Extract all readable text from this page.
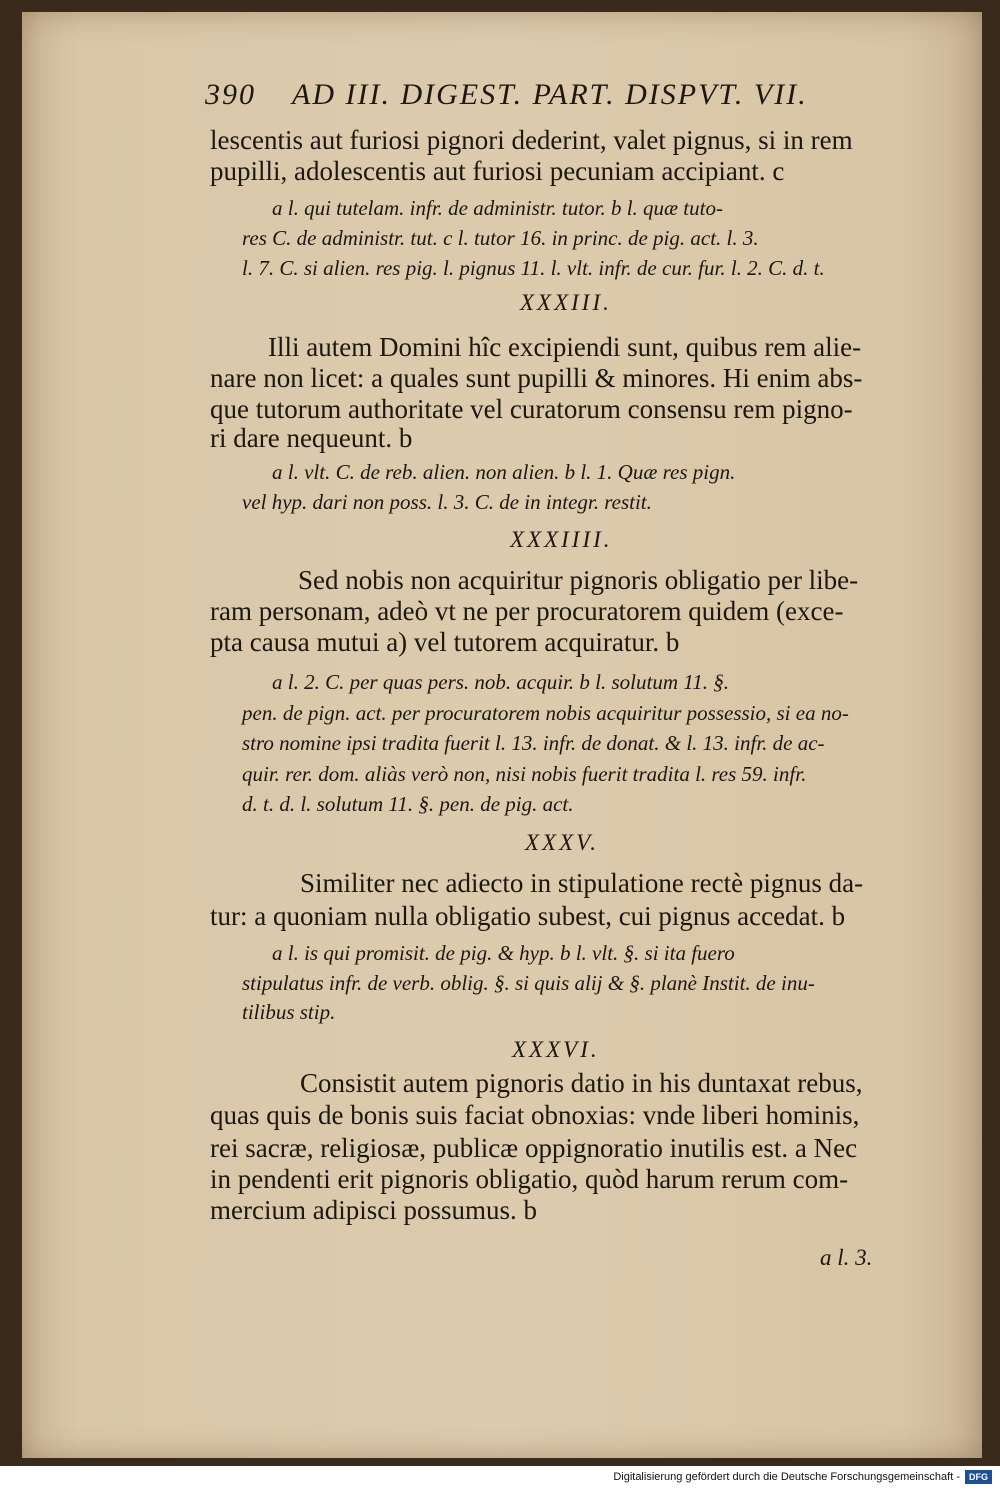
390 AD III. DIGEST. PART. DISPVT. VII.
lescentis aut furiosi pignori dederint, valet pignus, si in rem
pupilli, adolescentis aut furiosi pecuniam accipiant. c
a l. qui tutelam. infr. de administr. tutor. b l. quæ tuto-
res C. de administr. tut. c l. tutor 16. in princ. de pig. act. l. 3.
l. 7. C. si alien. res pig. l. pignus 11. l. vlt. infr. de cur. fur. l. 2. C. d. t.
XXXIII.
Illi autem Domini hîc excipiendi sunt, quibus rem alie-
nare non licet: a quales sunt pupilli & minores. Hi enim abs-
que tutorum authoritate vel curatorum consensu rem pigno-
ri dare nequeunt. b
a l. vlt. C. de reb. alien. non alien. b l. 1. Quæ res pign.
vel hyp. dari non poss. l. 3. C. de in integr. restit.
XXXIIII.
Sed nobis non acquiritur pignoris obligatio per libe-
ram personam, adeò vt ne per procuratorem quidem (exce-
pta causa mutui a) vel tutorem acquiratur. b
a l. 2. C. per quas pers. nob. acquir. b l. solutum 11. §.
pen. de pign. act. per procuratorem nobis acquiritur possessio, si ea no-
stro nomine ipsi tradita fuerit l. 13. infr. de donat. & l. 13. infr. de ac-
quir. rer. dom. aliàs verò non, nisi nobis fuerit tradita l. res 59. infr.
d. t. d. l. solutum 11. §. pen. de pig. act.
XXXV.
Similiter nec adiecto in stipulatione rectè pignus da-
tur: a quoniam nulla obligatio subest, cui pignus accedat. b
a l. is qui promisit. de pig. & hyp. b l. vlt. §. si ita fuero
stipulatus infr. de verb. oblig. §. si quis alij & §. planè Instit. de inu-
tilibus stip.
XXXVI.
Consistit autem pignoris datio in his duntaxat rebus,
quas quis de bonis suis faciat obnoxias: vnde liberi hominis,
rei sacræ, religiosæ, publicæ oppignoratio inutilis est. a Nec
in pendenti erit pignoris obligatio, quòd harum rerum com-
mercium adipisci possumus. b
a l. 3.
Digitalisierung gefördert durch die Deutsche Forschungsgemeinschaft -	DFG
